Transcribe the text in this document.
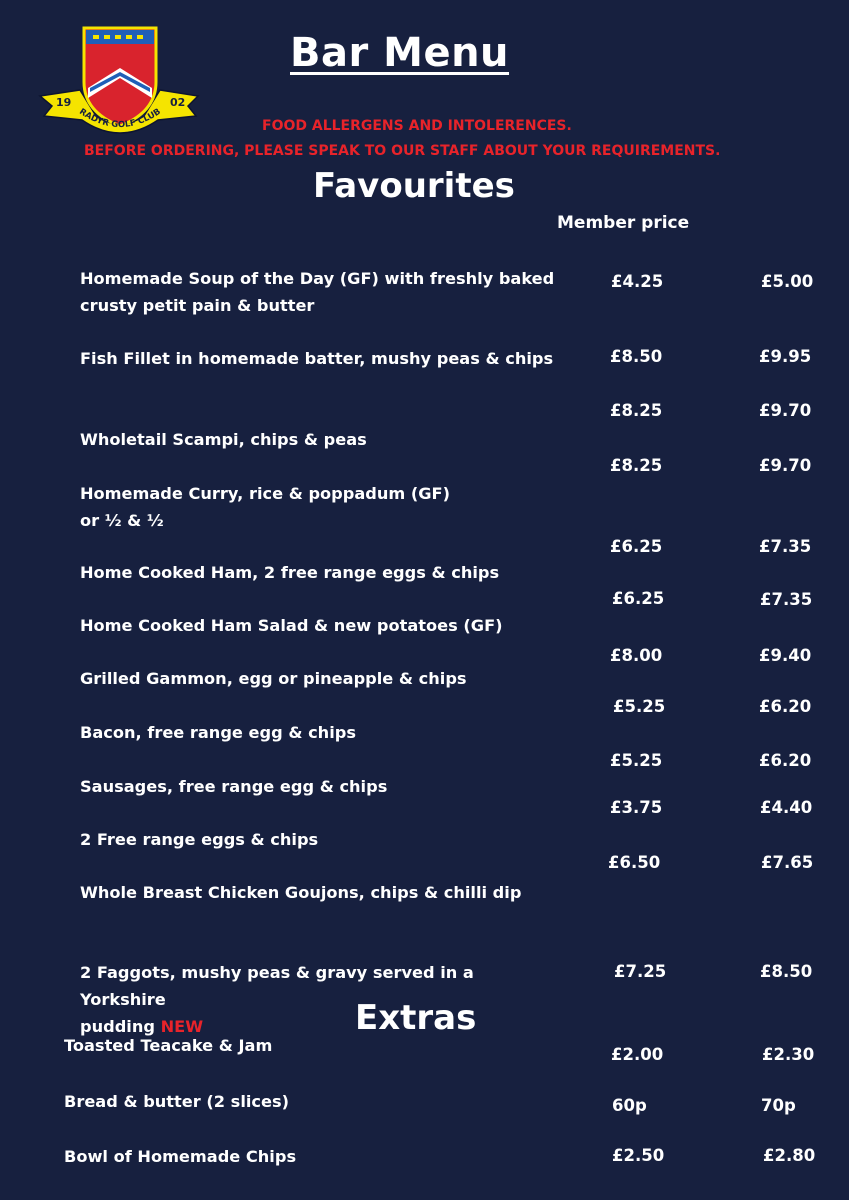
19	02
RADYR GOLF CLUB
Bar Menu
FOOD ALLERGENS AND INTOLERENCES.
BEFORE ORDERING, PLEASE SPEAK TO OUR STAFF ABOUT YOUR REQUIREMENTS.
Favourites
Member price
Homemade Soup of the Day (GF) with freshly baked
crusty petit pain & butter
£4.25	£5.00
Fish Fillet in homemade batter, mushy peas & chips	£8.50	£9.95
Wholetail Scampi, chips & peas
£8.25	£9.70
Homemade Curry, rice & poppadum (GF)
or ½ & ½
£8.25	£9.70
Home Cooked Ham, 2 free range eggs & chips
£6.25	£7.35
Home Cooked Ham Salad & new potatoes (GF)
£6.25	£7.35
Grilled Gammon, egg or pineapple & chips
£8.00	£9.40
Bacon, free range egg & chips
£5.25	£6.20
Sausages, free range egg & chips
£5.25	£6.20
2 Free range eggs & chips
£3.75	£4.40
Whole Breast Chicken Goujons, chips & chilli dip
£6.50	£7.65
2 Faggots, mushy peas & gravy served in a Yorkshire
pudding NEW
£7.25	£8.50
Extras
Toasted Teacake & Jam	£2.00	£2.30
Bread & butter (2 slices)	60p	70p
Bowl of Homemade Chips	£2.50	£2.80
